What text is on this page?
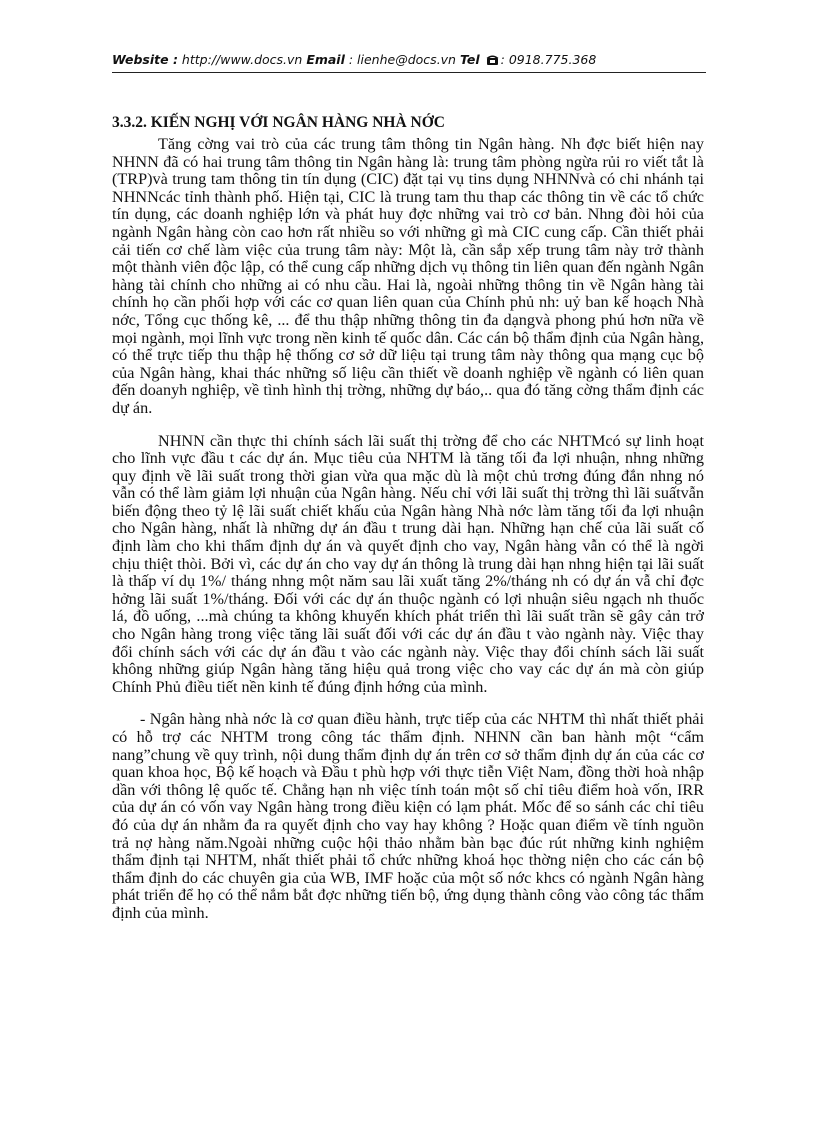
Website : http://www.docs.vn Email : lienhe@docs.vn Tel : 0918.775.368
3.3.2. KIẾN NGHỊ VỚI NGÂN HÀNG NHÀ NỚC

Tăng cờng vai trò của các trung tâm thông tin Ngân hàng. Nh đợc biết hiện nay NHNN đã có hai trung tâm thông tin Ngân hàng là: trung tâm phòng ngừa rủi ro viết tắt là (TRP)và trung tam thông tin tín dụng (CIC) đặt tại vụ tins dụng NHNNvà có chi nhánh tại NHNNcác tỉnh thành phố. Hiện tại, CIC là trung tam thu thap các thông tin về các tổ chức tín dụng, các doanh nghiệp lớn và phát huy đợc những vai trò cơ bản. Nhng đòi hỏi của ngành Ngân hàng còn cao hơn rất nhiều so với những gì mà CIC cung cấp. Cần thiết phải cải tiến cơ chế làm việc của trung tâm này: Một là, cần sắp xếp trung tâm này trở thành một thành viên độc lập, có thể cung cấp những dịch vụ thông tin liên quan đến ngành Ngân hàng tài chính cho những ai có nhu cầu. Hai là, ngoài những thông tin về Ngân hàng tài chính họ cần phối hợp với các cơ quan liên quan của Chính phủ nh: uỷ ban kế hoạch Nhà nớc, Tổng cục thống kê, ... để thu thập những thông tin đa dạngvà phong phú hơn nữa về mọi ngành, mọi lĩnh vực trong nền kinh tế quốc dân. Các cán bộ thẩm định của Ngân hàng, có thể trực tiếp thu thập hệ thống cơ sở dữ liệu tại trung tâm này thông qua mạng cục bộ của Ngân hàng, khai thác những số liệu cần thiết về doanh nghiệp về ngành có liên quan đến doanyh nghiệp, về tình hình thị trờng, những dự báo,.. qua đó tăng cờng thẩm định các dự án.

NHNN cần thực thi chính sách lãi suất thị trờng để cho các NHTMcó sự linh hoạt cho lĩnh vực đầu t các dự án. Mục tiêu của NHTM là tăng tối đa lợi nhuận, nhng những quy định về lãi suất trong thời gian vừa qua mặc dù là một chủ trơng đúng đắn nhng nó vẫn có thể làm giảm lợi nhuận của Ngân hàng. Nếu chỉ với lãi suất thị trờng thì lãi suấtvẫn biến động theo tỷ lệ lãi suất chiết khấu của Ngân hàng Nhà nớc làm tăng tối đa lợi nhuận cho Ngân hàng, nhất là những dự án đầu t trung dài hạn. Những hạn chế của lãi suất cố định làm cho khi thẩm định dự án và quyết định cho vay, Ngân hàng vẫn có thể là ngời chịu thiệt thòi. Bởi vì, các dự án cho vay dự án thông là trung dài hạn nhng hiện tại lãi suất là thấp ví dụ 1%/ tháng nhng một năm sau lãi xuất tăng 2%/tháng nh có dự án vẫ chỉ đợc hởng lãi suất 1%/tháng. Đối với các dự án thuộc ngành có lợi nhuận siêu ngạch nh thuốc lá, đồ uống, ...mà chúng ta không khuyến khích phát triển thì lãi suất trần sẽ gây cản trở cho Ngân hàng trong việc tăng lãi suất đối với các dự án đầu t vào ngành này. Việc thay đổi chính sách với các dự án đầu t vào các ngành này. Việc thay đổi chính sách lãi suất không những giúp Ngân hàng tăng hiệu quả trong việc cho vay các dự án mà còn giúp Chính Phủ điều tiết nền kinh tế đúng định hớng của mình.

- Ngân hàng nhà nớc là cơ quan điều hành, trực tiếp của các NHTM thì nhất thiết phải có hỗ trợ các NHTM trong công tác thẩm định. NHNN cần ban hành một “cẩm nang”chung về quy trình, nội dung thẩm định dự án trên cơ sở thẩm định dự án của các cơ quan khoa học, Bộ kế hoạch và Đầu t phù hợp với thực tiễn Việt Nam, đồng thời hoà nhập dần với thông lệ quốc tế. Chẳng hạn nh việc tính toán một số chỉ tiêu điểm hoà vốn, IRR của dự án có vốn vay Ngân hàng trong điều kiện có lạm phát. Mốc để so sánh các chỉ tiêu đó của dự án nhằm đa ra quyết định cho vay hay không ? Hoặc quan điểm về tính nguồn trả nợ hàng năm.Ngoài những cuộc hội thảo nhằm bàn bạc đúc rút những kinh nghiệm thẩm định tại NHTM, nhất thiết phải tổ chức những khoá học thờng niện cho các cán bộ thẩm định do các chuyên gia của WB, IMF hoặc của một số nớc khcs có ngành Ngân hàng phát triển để họ có thể nắm bắt đợc những tiến bộ, ứng dụng thành công vào công tác thẩm định của mình.
